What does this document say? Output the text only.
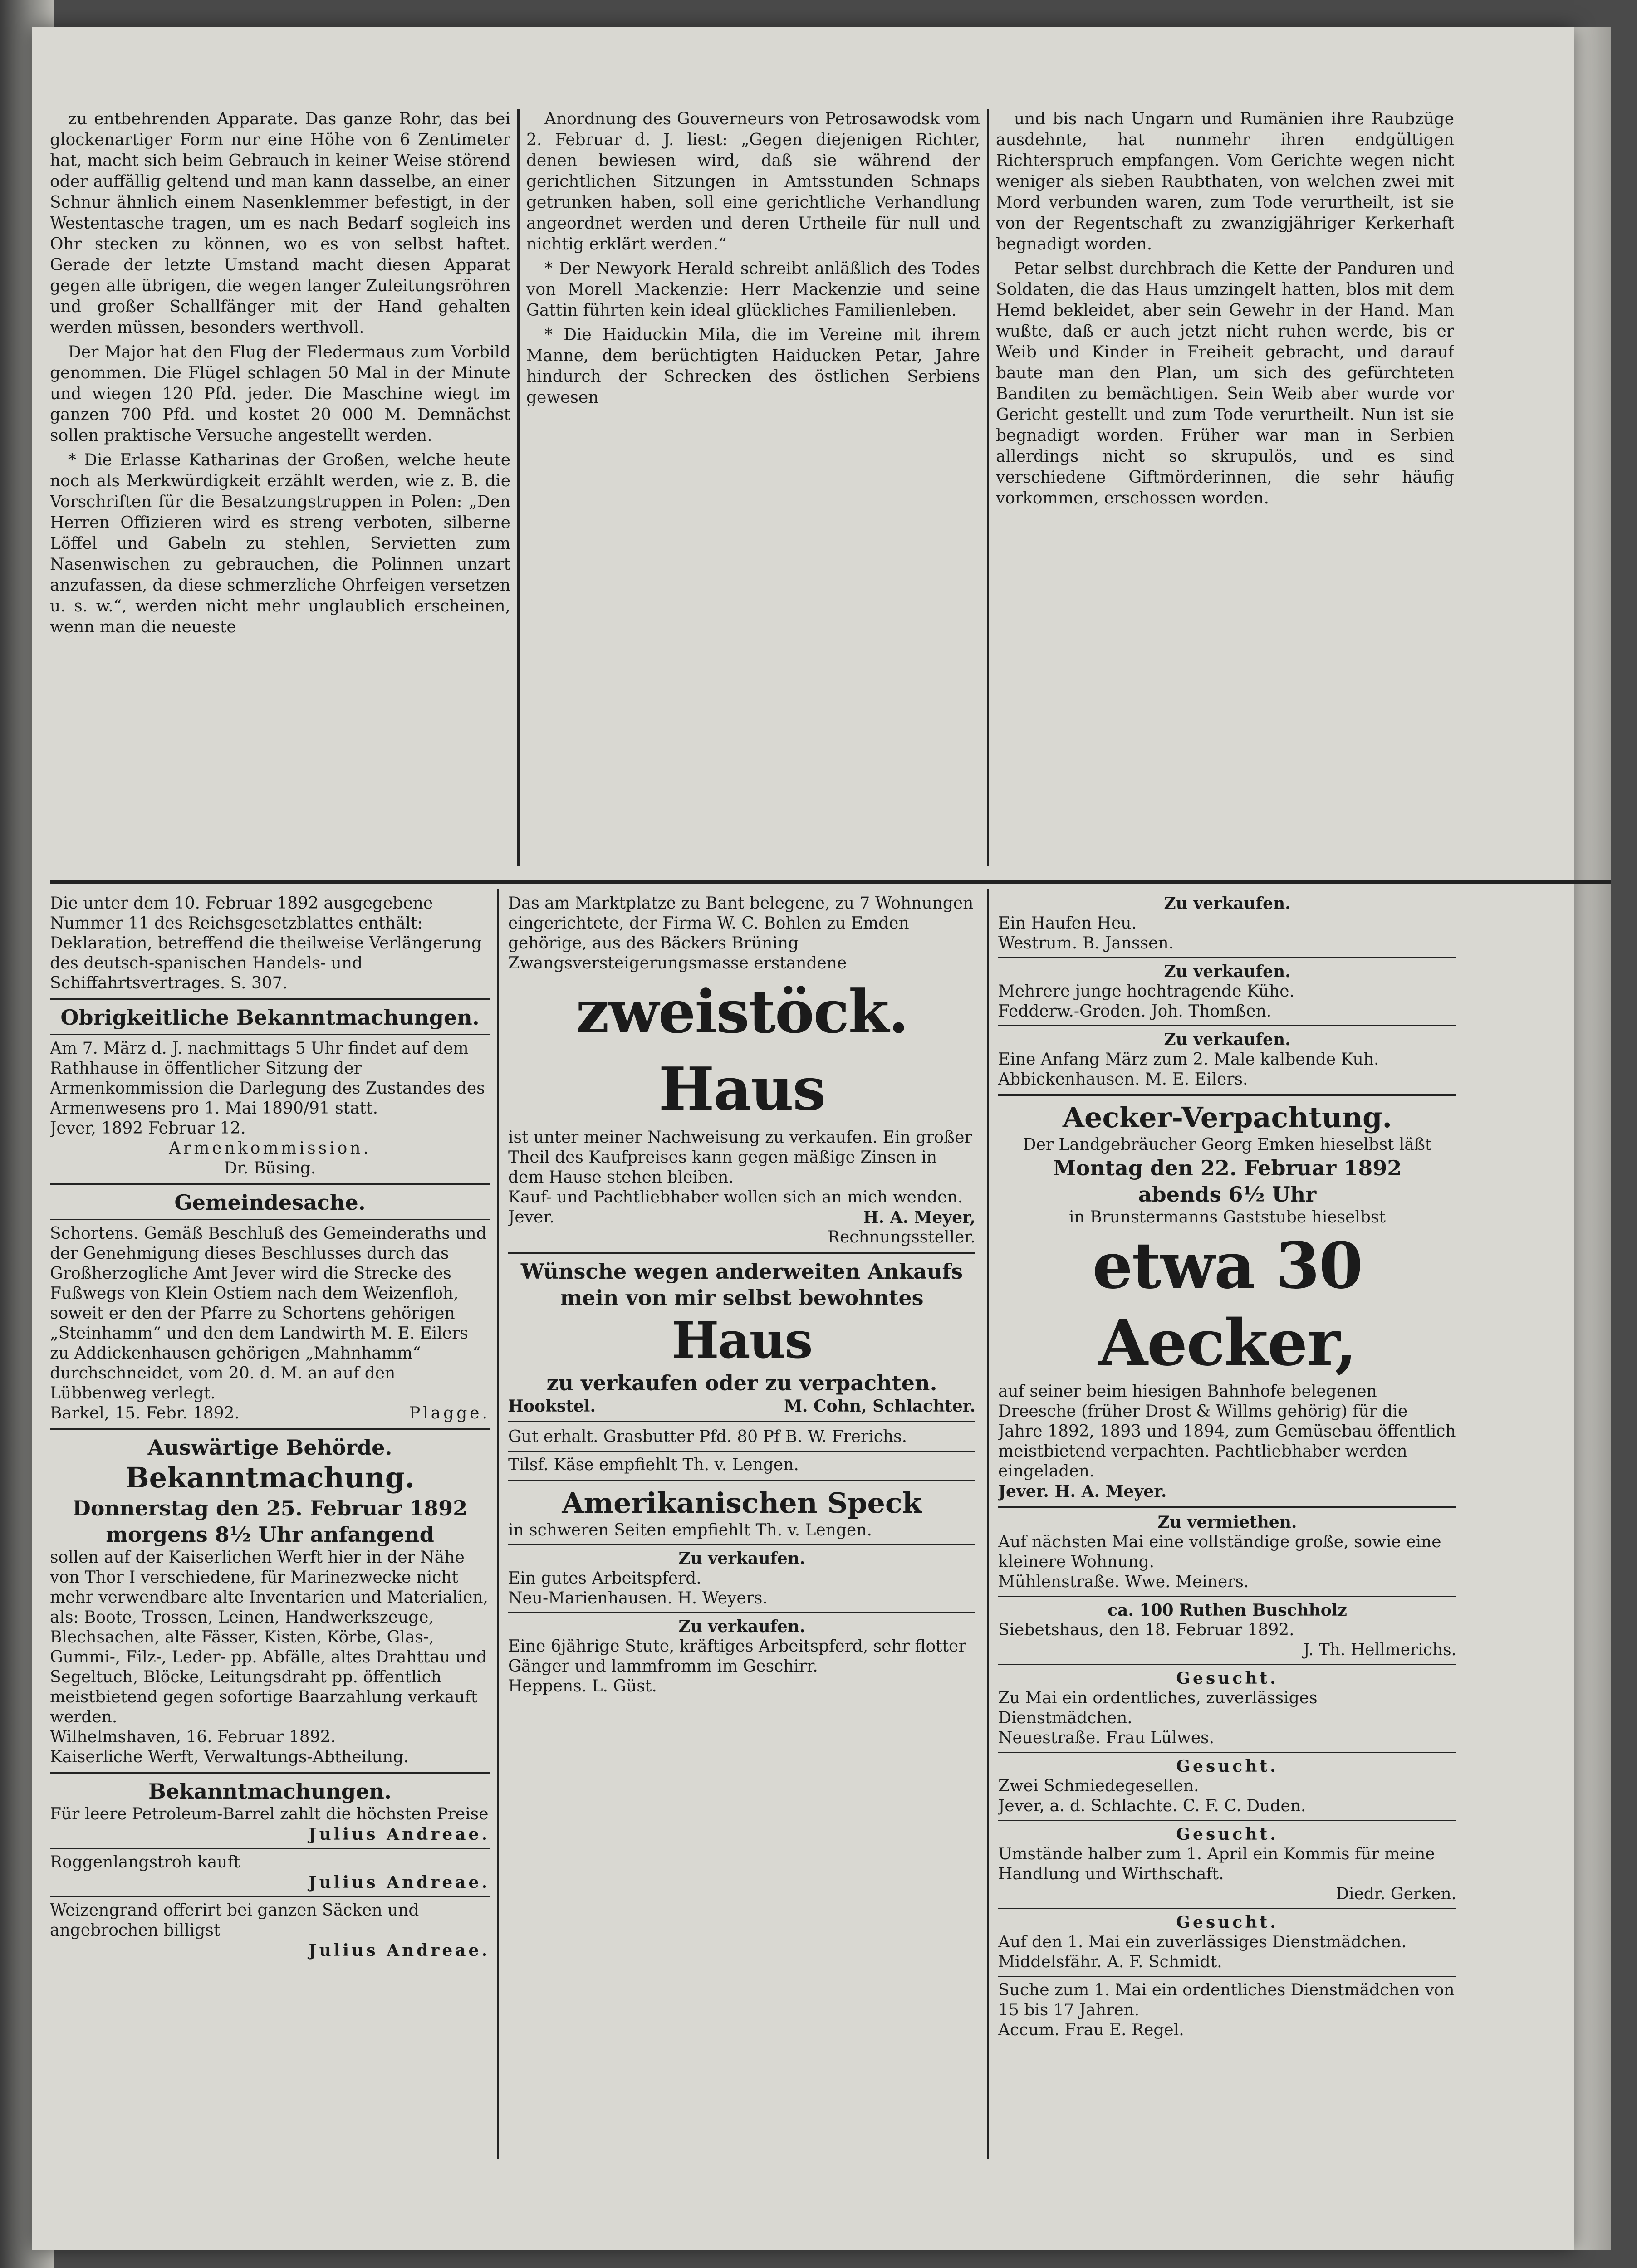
zu entbehrenden Apparate. Das ganze Rohr, das bei glockenartiger Form nur eine Höhe von 6 Zentimeter hat, macht sich beim Gebrauch in keiner Weise störend oder auffällig geltend und man kann dasselbe, an einer Schnur ähnlich einem Nasenklemmer befestigt, in der Westentasche tragen, um es nach Bedarf sogleich ins Ohr stecken zu können, wo es von selbst haftet. Gerade der letzte Umstand macht diesen Apparat gegen alle übrigen, die wegen langer Zuleitungsröhren und großer Schallfänger mit der Hand gehalten werden müssen, besonders werthvoll.

Der Major hat den Flug der Fledermaus zum Vorbild genommen. Die Flügel schlagen 50 Mal in der Minute und wiegen 120 Pfd. jeder. Die Maschine wiegt im ganzen 700 Pfd. und kostet 20 000 M. Demnächst sollen praktische Versuche angestellt werden.

* Die Erlasse Katharinas der Großen, welche heute noch als Merkwürdigkeit erzählt werden, wie z. B. die Vorschriften für die Besatzungstruppen in Polen: „Den Herren Offizieren wird es streng verboten, silberne Löffel und Gabeln zu stehlen, Servietten zum Nasenwischen zu gebrauchen, die Polinnen unzart anzufassen, da diese schmerzliche Ohrfeigen versetzen u. s. w.“, werden nicht mehr unglaublich erscheinen, wenn man die neueste

Anordnung des Gouverneurs von Petrosawodsk vom 2. Februar d. J. liest: „Gegen diejenigen Richter, denen bewiesen wird, daß sie während der gerichtlichen Sitzungen in Amtsstunden Schnaps getrunken haben, soll eine gerichtliche Verhandlung angeordnet werden und deren Urtheile für null und nichtig erklärt werden.“

* Der Newyork Herald schreibt anläßlich des Todes von Morell Mackenzie: Herr Mackenzie und seine Gattin führten kein ideal glückliches Familienleben.

* Die Haiduckin Mila, die im Vereine mit ihrem Manne, dem berüchtigten Haiducken Petar, Jahre hindurch der Schrecken des östlichen Serbiens gewesen

und bis nach Ungarn und Rumänien ihre Raubzüge ausdehnte, hat nunmehr ihren endgültigen Richterspruch empfangen. Vom Gerichte wegen nicht weniger als sieben Raubthaten, von welchen zwei mit Mord verbunden waren, zum Tode verurtheilt, ist sie von der Regentschaft zu zwanzigjähriger Kerkerhaft begnadigt worden.

Petar selbst durchbrach die Kette der Panduren und Soldaten, die das Haus umzingelt hatten, blos mit dem Hemd bekleidet, aber sein Gewehr in der Hand. Man wußte, daß er auch jetzt nicht ruhen werde, bis er Weib und Kinder in Freiheit gebracht, und darauf baute man den Plan, um sich des gefürchteten Banditen zu bemächtigen. Sein Weib aber wurde vor Gericht gestellt und zum Tode verurtheilt. Nun ist sie begnadigt worden. Früher war man in Serbien allerdings nicht so skrupulös, und es sind verschiedene Giftmörderinnen, die sehr häufig vorkommen, erschossen worden.

Die unter dem 10. Februar 1892 ausgegebene Nummer 11 des Reichsgesetzblattes enthält: Deklaration, betreffend die theilweise Verlängerung des deutsch-spanischen Handels- und Schiffahrtsvertrages. S. 307.
Obrigkeitliche Bekanntmachungen.
Am 7. März d. J. nachmittags 5 Uhr findet auf dem Rathhause in öffentlicher Sitzung der Armenkommission die Darlegung des Zustandes des Armenwesens pro 1. Mai 1890/91 statt.
Jever, 1892 Februar 12.
Armenkommission.
Dr. Büsing.
Gemeindesache.
Schortens. Gemäß Beschluß des Gemeinderaths und der Genehmigung dieses Beschlusses durch das Großherzogliche Amt Jever wird die Strecke des Fußwegs von Klein Ostiem nach dem Weizenfloh, soweit er den der Pfarre zu Schortens gehörigen „Steinhamm“ und den dem Landwirth M. E. Eilers zu Addickenhausen gehörigen „Mahnhamm“ durchschneidet, vom 20. d. M. an auf den Lübbenweg verlegt.
Barkel, 15. Febr. 1892.	Plagge.
Auswärtige Behörde.
Bekanntmachung.
Donnerstag den 25. Februar 1892
morgens 8½ Uhr anfangend
sollen auf der Kaiserlichen Werft hier in der Nähe von Thor I verschiedene, für Marinezwecke nicht mehr verwendbare alte Inventarien und Materialien, als: Boote, Trossen, Leinen, Handwerkszeuge, Blechsachen, alte Fässer, Kisten, Körbe, Glas-, Gummi-, Filz-, Leder- pp. Abfälle, altes Drahttau und Segeltuch, Blöcke, Leitungsdraht pp. öffentlich meistbietend gegen sofortige Baarzahlung verkauft werden.
Wilhelmshaven, 16. Februar 1892.
Kaiserliche Werft, Verwaltungs-Abtheilung.
Bekanntmachungen.
Für leere Petroleum-Barrel zahlt die höchsten Preise
Julius Andreae.
Roggenlangstroh kauft
Julius Andreae.
Weizengrand offerirt bei ganzen Säcken und angebrochen billigst
Julius Andreae.
Das am Marktplatze zu Bant belegene, zu 7 Wohnungen eingerichtete, der Firma W. C. Bohlen zu Emden gehörige, aus des Bäckers Brüning Zwangsversteigerungsmasse erstandene
zweistöck. Haus
ist unter meiner Nachweisung zu verkaufen. Ein großer Theil des Kaufpreises kann gegen mäßige Zinsen in dem Hause stehen bleiben.
Kauf- und Pachtliebhaber wollen sich an mich wenden.
Jever.	H. A. Meyer,
Rechnungssteller.
Wünsche wegen anderweiten Ankaufs mein von mir selbst bewohntes
Haus
zu verkaufen oder zu verpachten.
Hookstel.	M. Cohn, Schlachter.
Gut erhalt. Grasbutter Pfd. 80 Pf B. W. Frerichs.
Tilsf. Käse empfiehlt Th. v. Lengen.
Amerikanischen Speck
in schweren Seiten empfiehlt Th. v. Lengen.
Zu verkaufen.
Ein gutes Arbeitspferd.
Neu-Marienhausen. H. Weyers.
Zu verkaufen.
Eine 6jährige Stute, kräftiges Arbeitspferd, sehr flotter Gänger und lammfromm im Geschirr.
Heppens. L. Güst.
Zu verkaufen.
Ein Haufen Heu.
Westrum. B. Janssen.
Zu verkaufen.
Mehrere junge hochtragende Kühe.
Fedderw.-Groden. Joh. Thomßen.
Zu verkaufen.
Eine Anfang März zum 2. Male kalbende Kuh.
Abbickenhausen. M. E. Eilers.
Aecker-Verpachtung.
Der Landgebräucher Georg Emken hieselbst läßt
Montag den 22. Februar 1892
abends 6½ Uhr
in Brunstermanns Gaststube hieselbst
etwa 30 Aecker,
auf seiner beim hiesigen Bahnhofe belegenen Dreesche (früher Drost & Willms gehörig) für die Jahre 1892, 1893 und 1894, zum Gemüsebau öffentlich meistbietend verpachten. Pachtliebhaber werden eingeladen.
Jever. H. A. Meyer.
Zu vermiethen.
Auf nächsten Mai eine vollständige große, sowie eine kleinere Wohnung.
Mühlenstraße. Wwe. Meiners.
ca. 100 Ruthen Buschholz
Siebetshaus, den 18. Februar 1892.
J. Th. Hellmerichs.
Gesucht.
Zu Mai ein ordentliches, zuverlässiges Dienstmädchen.
Neuestraße. Frau Lülwes.
Gesucht.
Zwei Schmiedegesellen.
Jever, a. d. Schlachte. C. F. C. Duden.
Gesucht.
Umstände halber zum 1. April ein Kommis für meine Handlung und Wirthschaft.
Diedr. Gerken.
Gesucht.
Auf den 1. Mai ein zuverlässiges Dienstmädchen.
Middelsfähr. A. F. Schmidt.
Suche zum 1. Mai ein ordentliches Dienstmädchen von 15 bis 17 Jahren.
Accum. Frau E. Regel.
